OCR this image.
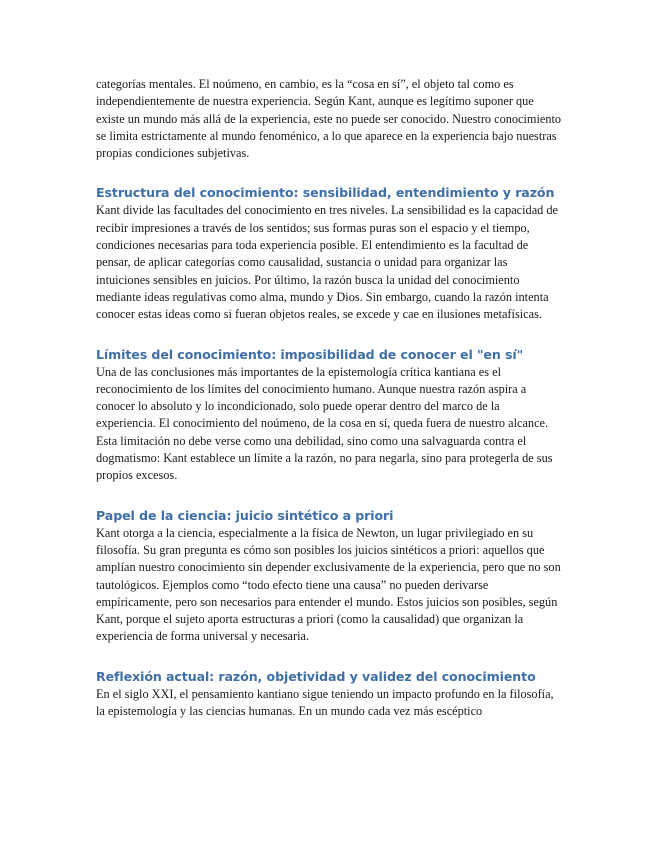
categorías mentales. El noúmeno, en cambio, es la “cosa en sí”, el objeto tal como es independientemente de nuestra experiencia. Según Kant, aunque es legítimo suponer que existe un mundo más allá de la experiencia, este no puede ser conocido. Nuestro conocimiento se limita estrictamente al mundo fenoménico, a lo que aparece en la experiencia bajo nuestras propias condiciones subjetivas.

Estructura del conocimiento: sensibilidad, entendimiento y razón

Kant divide las facultades del conocimiento en tres niveles. La sensibilidad es la capacidad de recibir impresiones a través de los sentidos; sus formas puras son el espacio y el tiempo, condiciones necesarias para toda experiencia posible. El entendimiento es la facultad de pensar, de aplicar categorías como causalidad, sustancia o unidad para organizar las intuiciones sensibles en juicios. Por último, la razón busca la unidad del conocimiento mediante ideas regulativas como alma, mundo y Dios. Sin embargo, cuando la razón intenta conocer estas ideas como si fueran objetos reales, se excede y cae en ilusiones metafísicas.

Límites del conocimiento: imposibilidad de conocer el "en sí"

Una de las conclusiones más importantes de la epistemología crítica kantiana es el reconocimiento de los límites del conocimiento humano. Aunque nuestra razón aspira a conocer lo absoluto y lo incondicionado, solo puede operar dentro del marco de la experiencia. El conocimiento del noúmeno, de la cosa en sí, queda fuera de nuestro alcance. Esta limitación no debe verse como una debilidad, sino como una salvaguarda contra el dogmatismo: Kant establece un límite a la razón, no para negarla, sino para protegerla de sus propios excesos.

Papel de la ciencia: juicio sintético a priori

Kant otorga a la ciencia, especialmente a la física de Newton, un lugar privilegiado en su filosofía. Su gran pregunta es cómo son posibles los juicios sintéticos a priori: aquellos que amplían nuestro conocimiento sin depender exclusivamente de la experiencia, pero que no son tautológicos. Ejemplos como “todo efecto tiene una causa” no pueden derivarse empíricamente, pero son necesarios para entender el mundo. Estos juicios son posibles, según Kant, porque el sujeto aporta estructuras a priori (como la causalidad) que organizan la experiencia de forma universal y necesaria.

Reflexión actual: razón, objetividad y validez del conocimiento

En el siglo XXI, el pensamiento kantiano sigue teniendo un impacto profundo en la filosofía, la epistemología y las ciencias humanas. En un mundo cada vez más escéptico
